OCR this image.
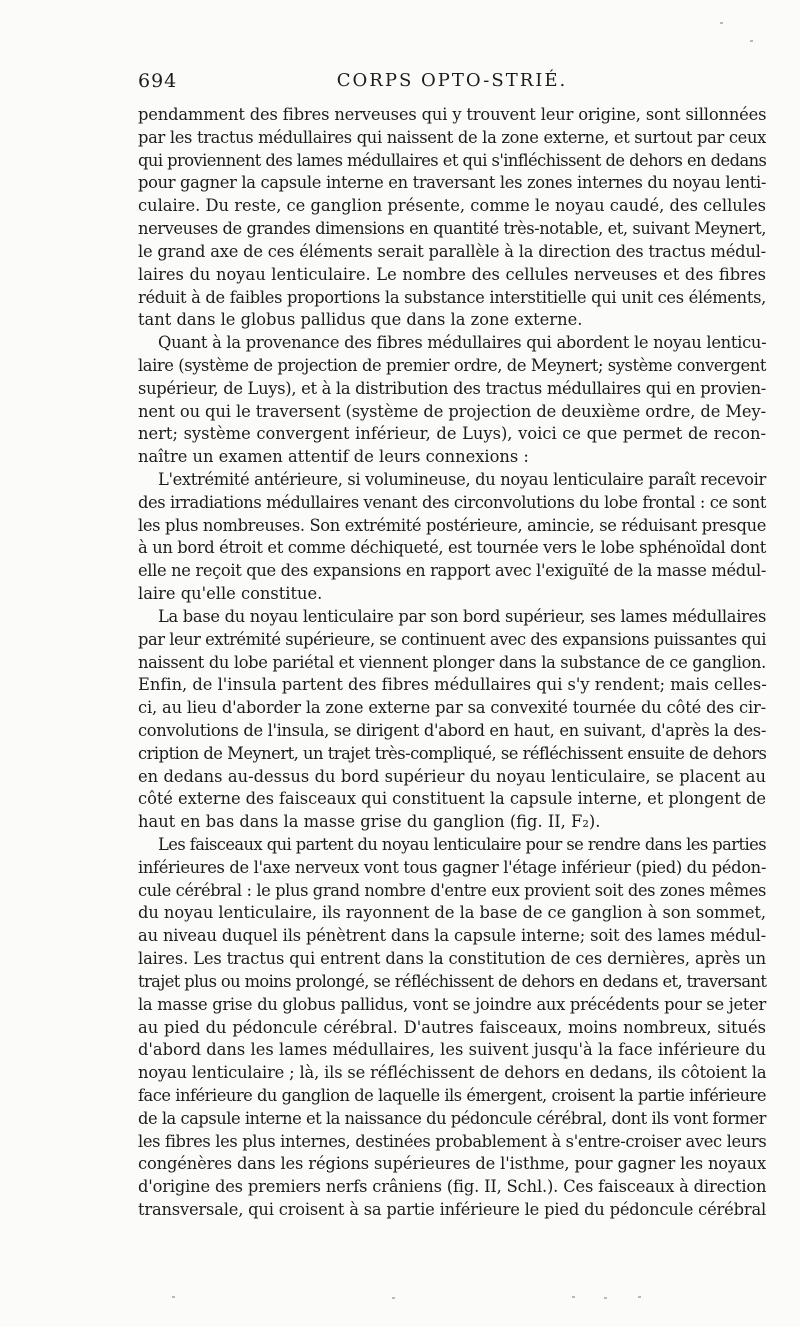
694	CORPS OPTO-STRIÉ.

pendamment des fibres nerveuses qui y trouvent leur origine, sont sillonnées
par les tractus médullaires qui naissent de la zone externe, et surtout par ceux
qui proviennent des lames médullaires et qui s'infléchissent de dehors en dedans
pour gagner la capsule interne en traversant les zones internes du noyau lenti-
culaire. Du reste, ce ganglion présente, comme le noyau caudé, des cellules
nerveuses de grandes dimensions en quantité très-notable, et, suivant Meynert,
le grand axe de ces éléments serait parallèle à la direction des tractus médul-
laires du noyau lenticulaire. Le nombre des cellules nerveuses et des fibres
réduit à de faibles proportions la substance interstitielle qui unit ces éléments,
tant dans le globus pallidus que dans la zone externe.

Quant à la provenance des fibres médullaires qui abordent le noyau lenticu-
laire (système de projection de premier ordre, de Meynert; système convergent
supérieur, de Luys), et à la distribution des tractus médullaires qui en provien-
nent ou qui le traversent (système de projection de deuxième ordre, de Mey-
nert; système convergent inférieur, de Luys), voici ce que permet de recon-
naître un examen attentif de leurs connexions :

L'extrémité antérieure, si volumineuse, du noyau lenticulaire paraît recevoir
des irradiations médullaires venant des circonvolutions du lobe frontal : ce sont
les plus nombreuses. Son extrémité postérieure, amincie, se réduisant presque
à un bord étroit et comme déchiqueté, est tournée vers le lobe sphénoïdal dont
elle ne reçoit que des expansions en rapport avec l'exiguïté de la masse médul-
laire qu'elle constitue.

La base du noyau lenticulaire par son bord supérieur, ses lames médullaires
par leur extrémité supérieure, se continuent avec des expansions puissantes qui
naissent du lobe pariétal et viennent plonger dans la substance de ce ganglion.
Enfin, de l'insula partent des fibres médullaires qui s'y rendent; mais celles-
ci, au lieu d'aborder la zone externe par sa convexité tournée du côté des cir-
convolutions de l'insula, se dirigent d'abord en haut, en suivant, d'après la des-
cription de Meynert, un trajet très-compliqué, se réfléchissent ensuite de dehors
en dedans au-dessus du bord supérieur du noyau lenticulaire, se placent au
côté externe des faisceaux qui constituent la capsule interne, et plongent de
haut en bas dans la masse grise du ganglion (fig. II, F₂).

Les faisceaux qui partent du noyau lenticulaire pour se rendre dans les parties
inférieures de l'axe nerveux vont tous gagner l'étage inférieur (pied) du pédon-
cule cérébral : le plus grand nombre d'entre eux provient soit des zones mêmes
du noyau lenticulaire, ils rayonnent de la base de ce ganglion à son sommet,
au niveau duquel ils pénètrent dans la capsule interne; soit des lames médul-
laires. Les tractus qui entrent dans la constitution de ces dernières, après un
trajet plus ou moins prolongé, se réfléchissent de dehors en dedans et, traversant
la masse grise du globus pallidus, vont se joindre aux précédents pour se jeter
au pied du pédoncule cérébral. D'autres faisceaux, moins nombreux, situés
d'abord dans les lames médullaires, les suivent jusqu'à la face inférieure du
noyau lenticulaire ; là, ils se réfléchissent de dehors en dedans, ils côtoient la
face inférieure du ganglion de laquelle ils émergent, croisent la partie inférieure
de la capsule interne et la naissance du pédoncule cérébral, dont ils vont former
les fibres les plus internes, destinées probablement à s'entre-croiser avec leurs
congénères dans les régions supérieures de l'isthme, pour gagner les noyaux
d'origine des premiers nerfs crâniens (fig. II, Schl.). Ces faisceaux à direction
transversale, qui croisent à sa partie inférieure le pied du pédoncule cérébral
